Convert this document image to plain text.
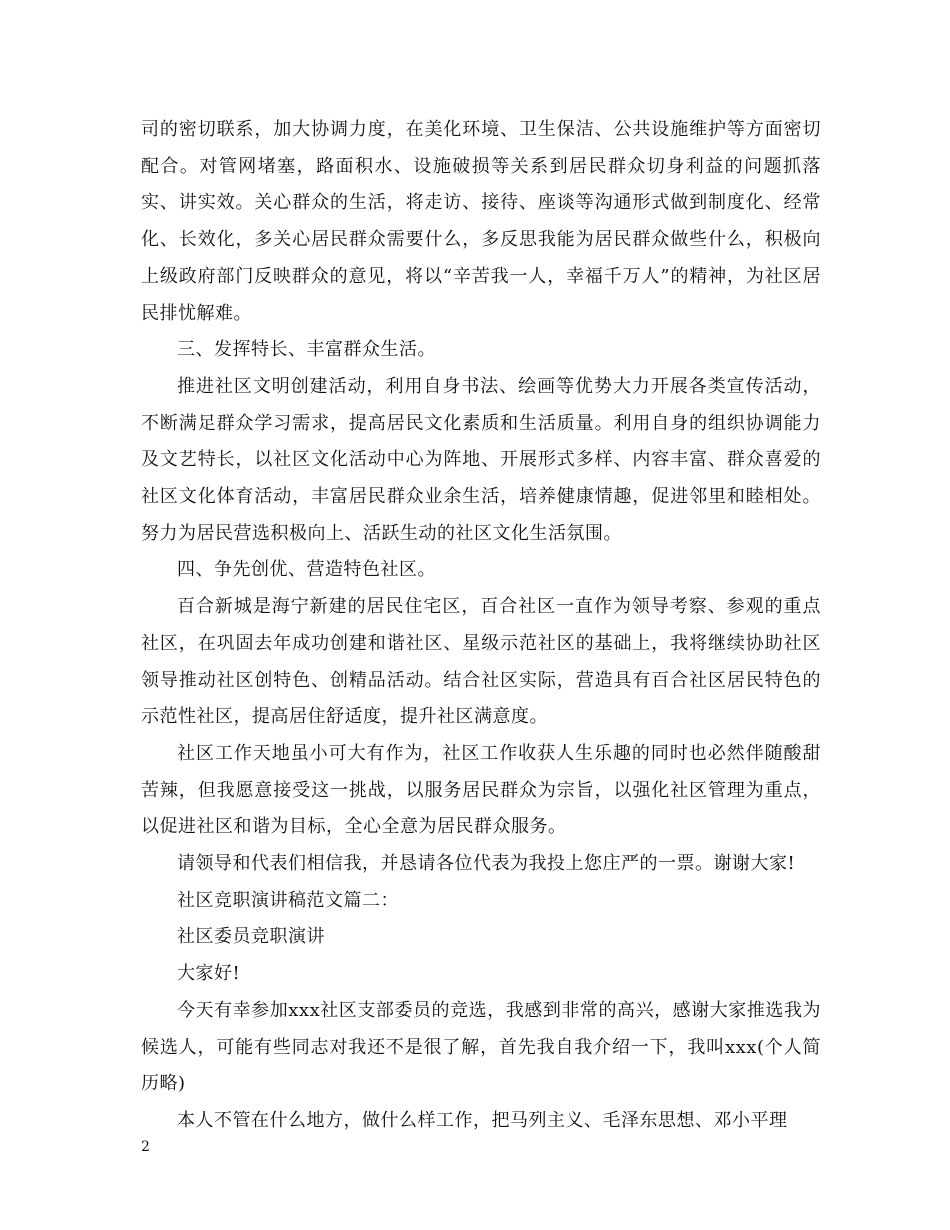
司的密切联系，加大协调力度，在美化环境、卫生保洁、公共设施维护等方面密切配合。对管网堵塞，路面积水、设施破损等关系到居民群众切身利益的问题抓落实、讲实效。关心群众的生活，将走访、接待、座谈等沟通形式做到制度化、经常化、长效化，多关心居民群众需要什么，多反思我能为居民群众做些什么，积极向上级政府部门反映群众的意见，将以“辛苦我一人，幸福千万人”的精神，为社区居民排忧解难。

三、发挥特长、丰富群众生活。

推进社区文明创建活动，利用自身书法、绘画等优势大力开展各类宣传活动，不断满足群众学习需求，提高居民文化素质和生活质量。利用自身的组织协调能力及文艺特长，以社区文化活动中心为阵地、开展形式多样、内容丰富、群众喜爱的社区文化体育活动，丰富居民群众业余生活，培养健康情趣，促进邻里和睦相处。努力为居民营选积极向上、活跃生动的社区文化生活氛围。

四、争先创优、营造特色社区。

百合新城是海宁新建的居民住宅区，百合社区一直作为领导考察、参观的重点社区，在巩固去年成功创建和谐社区、星级示范社区的基础上，我将继续协助社区领导推动社区创特色、创精品活动。结合社区实际，营造具有百合社区居民特色的示范性社区，提高居住舒适度，提升社区满意度。

社区工作天地虽小可大有作为，社区工作收获人生乐趣的同时也必然伴随酸甜苦辣，但我愿意接受这一挑战，以服务居民群众为宗旨，以强化社区管理为重点，以促进社区和谐为目标，全心全意为居民群众服务。

请领导和代表们相信我，并恳请各位代表为我投上您庄严的一票。谢谢大家!

社区竞职演讲稿范文篇二：

社区委员竞职演讲

大家好!

今天有幸参加xxx社区支部委员的竞选，我感到非常的高兴，感谢大家推选我为候选人，可能有些同志对我还不是很了解，首先我自我介绍一下，我叫xxx(个人简历略)

本人不管在什么地方，做什么样工作，把马列主义、毛泽东思想、邓小平理

2
